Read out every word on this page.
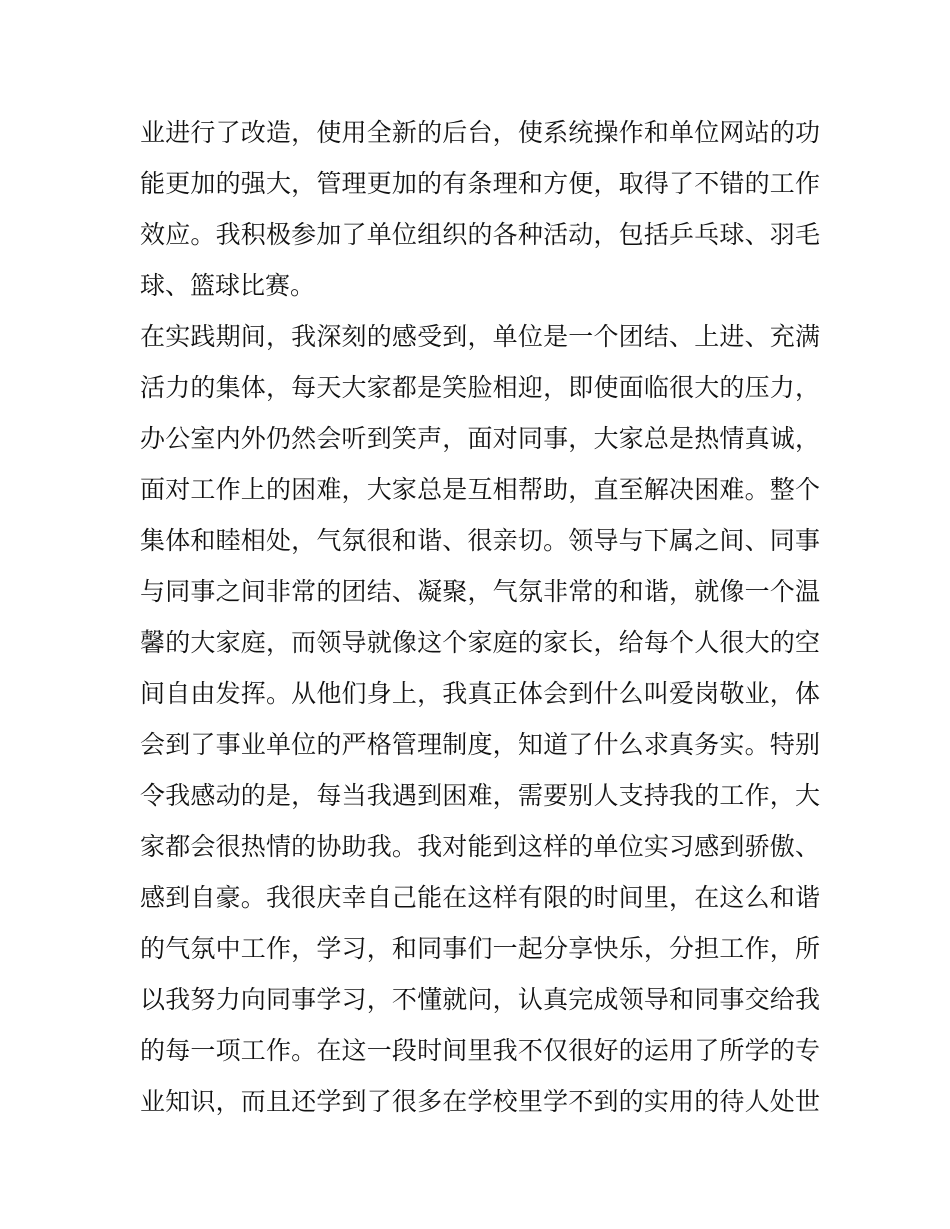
业进行了改造，使用全新的后台，使系统操作和单位网站的功
能更加的强大，管理更加的有条理和方便，取得了不错的工作
效应。我积极参加了单位组织的各种活动，包括乒乓球、羽毛
球、篮球比赛。
在实践期间，我深刻的感受到，单位是一个团结、上进、充满
活力的集体，每天大家都是笑脸相迎，即使面临很大的压力，
办公室内外仍然会听到笑声，面对同事，大家总是热情真诚，
面对工作上的困难，大家总是互相帮助，直至解决困难。整个
集体和睦相处，气氛很和谐、很亲切。领导与下属之间、同事
与同事之间非常的团结、凝聚，气氛非常的和谐，就像一个温
馨的大家庭，而领导就像这个家庭的家长，给每个人很大的空
间自由发挥。从他们身上，我真正体会到什么叫爱岗敬业，体
会到了事业单位的严格管理制度，知道了什么求真务实。特别
令我感动的是，每当我遇到困难，需要别人支持我的工作，大
家都会很热情的协助我。我对能到这样的单位实习感到骄傲、
感到自豪。我很庆幸自己能在这样有限的时间里，在这么和谐
的气氛中工作，学习，和同事们一起分享快乐，分担工作，所
以我努力向同事学习，不懂就问，认真完成领导和同事交给我
的每一项工作。在这一段时间里我不仅很好的运用了所学的专
业知识，而且还学到了很多在学校里学不到的实用的待人处世
